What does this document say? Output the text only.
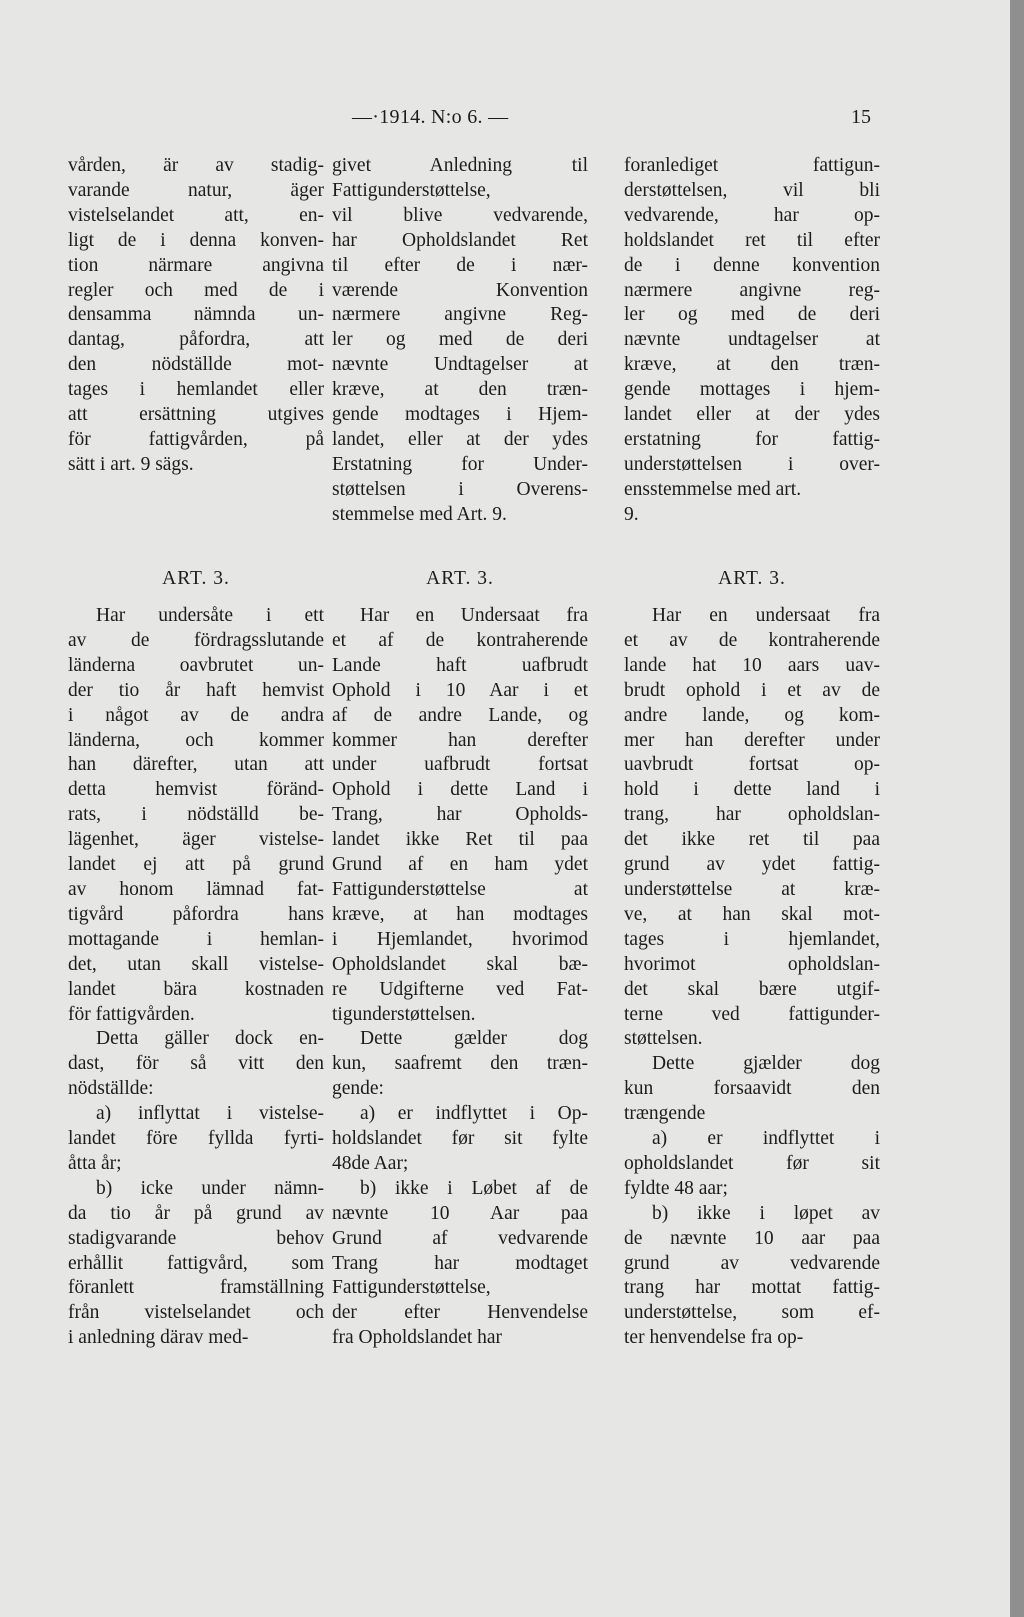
—·1914. N:o 6. —	15
vården, är av stadig-
varande natur, äger
vistelselandet att, en-
ligt de i denna konven-
tion närmare angivna
regler och med de i
densamma nämnda un-
dantag, påfordra, att
den nödställde mot-
tages i hemlandet eller
att ersättning utgives
för fattigvården, på
sätt i art. 9 sägs.
givet Anledning til
Fattigunderstøttelse,
vil blive vedvarende,
har Opholdslandet Ret
til efter de i nær-
værende Konvention
nærmere angivne Reg-
ler og med de deri
nævnte Undtagelser at
kræve, at den træn-
gende modtages i Hjem-
landet, eller at der ydes
Erstatning for Under-
støttelsen i Overens-
stemmelse med Art. 9.
foranlediget fattigun-
derstøttelsen, vil bli
vedvarende, har op-
holdslandet ret til efter
de i denne konvention
nærmere angivne reg-
ler og med de deri
nævnte undtagelser at
kræve, at den træn-
gende mottages i hjem-
landet eller at der ydes
erstatning for fattig-
understøttelsen i over-
ensstemmelse med art.
9.
ART. 3.	ART. 3.	ART. 3.
Har undersåte i ett
av de fördragsslutande
länderna oavbrutet un-
der tio år haft hemvist
i något av de andra
länderna, och kommer
han därefter, utan att
detta hemvist föränd-
rats, i nödställd be-
lägenhet, äger vistelse-
landet ej att på grund
av honom lämnad fat-
tigvård påfordra hans
mottagande i hemlan-
det, utan skall vistelse-
landet bära kostnaden
för fattigvården.
Detta gäller dock en-
dast, för så vitt den
nödställde:
a) inflyttat i vistelse-
landet före fyllda fyrti-
åtta år;
b) icke under nämn-
da tio år på grund av
stadigvarande behov
erhållit fattigvård, som
föranlett framställning
från vistelselandet och
i anledning därav med-
Har en Undersaat fra
et af de kontraherende
Lande haft uafbrudt
Ophold i 10 Aar i et
af de andre Lande, og
kommer han derefter
under uafbrudt fortsat
Ophold i dette Land i
Trang, har Opholds-
landet ikke Ret til paa
Grund af en ham ydet
Fattigunderstøttelse at
kræve, at han modtages
i Hjemlandet, hvorimod
Opholdslandet skal bæ-
re Udgifterne ved Fat-
tigunderstøttelsen.
Dette gælder dog
kun, saafremt den træn-
gende:
a) er indflyttet i Op-
holdslandet før sit fylte
48de Aar;
b) ikke i Løbet af de
nævnte 10 Aar paa
Grund af vedvarende
Trang har modtaget
Fattigunderstøttelse,
der efter Henvendelse
fra Opholdslandet har
Har en undersaat fra
et av de kontraherende
lande hat 10 aars uav-
brudt ophold i et av de
andre lande, og kom-
mer han derefter under
uavbrudt fortsat op-
hold i dette land i
trang, har opholdslan-
det ikke ret til paa
grund av ydet fattig-
understøttelse at kræ-
ve, at han skal mot-
tages i hjemlandet,
hvorimot opholdslan-
det skal bære utgif-
terne ved fattigunder-
støttelsen.
Dette gjælder dog
kun forsaavidt den
trængende
a) er indflyttet i
opholdslandet før sit
fyldte 48 aar;
b) ikke i løpet av
de nævnte 10 aar paa
grund av vedvarende
trang har mottat fattig-
understøttelse, som ef-
ter henvendelse fra op-
